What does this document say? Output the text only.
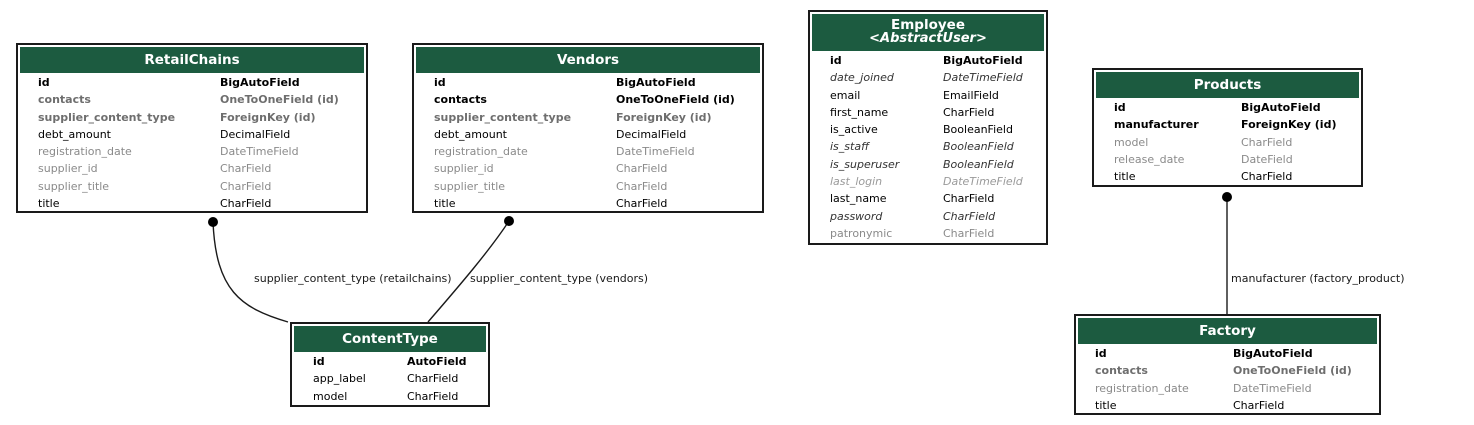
supplier_content_type (retailchains) supplier_content_type (vendors)	manufacturer (factory_product)
RetailChains
id	BigAutoField
contacts	OneToOneField (id)
supplier_content_type	ForeignKey (id)
debt_amount	DecimalField
registration_date	DateTimeField
supplier_id	CharField
supplier_title	CharField
title	CharField
Vendors
id	BigAutoField
contacts	OneToOneField (id)
supplier_content_type	ForeignKey (id)
debt_amount	DecimalField
registration_date	DateTimeField
supplier_id	CharField
supplier_title	CharField
title	CharField
Employee
<AbstractUser>
id	BigAutoField
date_joined	DateTimeField
email	EmailField
first_name	CharField
is_active	BooleanField
is_staff	BooleanField
is_superuser	BooleanField
last_login	DateTimeField
last_name	CharField
password	CharField
patronymic	CharField
Products
id	BigAutoField
manufacturer	ForeignKey (id)
model	CharField
release_date	DateField
title	CharField
ContentType
id	AutoField
app_label	CharField
model	CharField
Factory
id	BigAutoField
contacts	OneToOneField (id)
registration_date	DateTimeField
title	CharField
